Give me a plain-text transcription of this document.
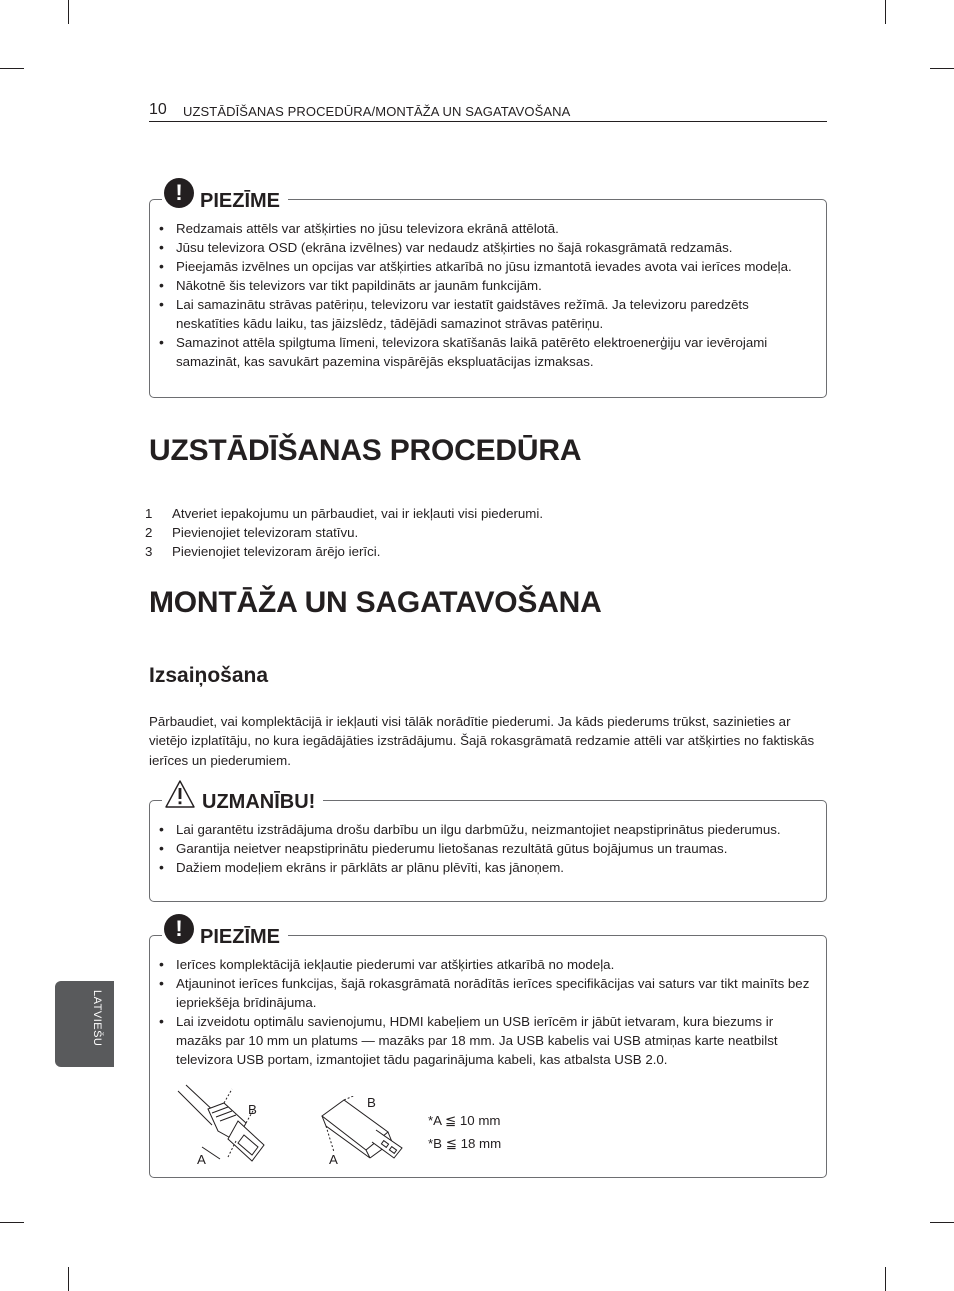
10 UZSTĀDĪŠANAS PROCEDŪRA/MONTĀŽA UN SAGATAVOŠANA
! PIEZĪME
• Redzamais attēls var atšķirties no jūsu televizora ekrānā attēlotā.
• Jūsu televizora OSD (ekrāna izvēlnes) var nedaudz atšķirties no šajā rokasgrāmatā redzamās.
• Pieejamās izvēlnes un opcijas var atšķirties atkarībā no jūsu izmantotā ievades avota vai ierīces modeļa.
• Nākotnē šis televizors var tikt papildināts ar jaunām funkcijām.
• Lai samazinātu strāvas patēriņu, televizoru var iestatīt gaidstāves režīmā. Ja televizoru paredzēts neskatīties kādu laiku, tas jāizslēdz, tādējādi samazinot strāvas patēriņu.
• Samazinot attēla spilgtuma līmeni, televizora skatīšanās laikā patērēto elektroenerģiju var ievērojami samazināt, kas savukārt pazemina vispārējās ekspluatācijas izmaksas.
UZSTĀDĪŠANAS PROCEDŪRA
1 Atveriet iepakojumu un pārbaudiet, vai ir iekļauti visi piederumi.
2 Pievienojiet televizoram statīvu.
3 Pievienojiet televizoram ārējo ierīci.
MONTĀŽA UN SAGATAVOŠANA
Izsaiņošana

Pārbaudiet, vai komplektācijā ir iekļauti visi tālāk norādītie piederumi. Ja kāds piederums trūkst, sazinieties ar vietējo izplatītāju, no kura iegādājāties izstrādājumu. Šajā rokasgrāmatā redzamie attēli var atšķirties no faktiskās ierīces un piederumiem.

UZMANĪBU!
• Lai garantētu izstrādājuma drošu darbību un ilgu darbmūžu, neizmantojiet neapstiprinātus piederumus.
• Garantija neietver neapstiprinātu piederumu lietošanas rezultātā gūtus bojājumus un traumas.
• Dažiem modeļiem ekrāns ir pārklāts ar plānu plēvīti, kas jānoņem.
! PIEZĪME
• Ierīces komplektācijā iekļautie piederumi var atšķirties atkarībā no modeļa.
• Atjauninot ierīces funkcijas, šajā rokasgrāmatā norādītās ierīces specifikācijas vai saturs var tikt mainīts bez iepriekšēja brīdinājuma.
• Lai izveidotu optimālu savienojumu, HDMI kabeļiem un USB ierīcēm ir jābūt ietvaram, kura biezums ir mazāks par 10 mm un platums — mazāks par 18 mm. Ja USB kabelis vai USB atmiņas karte neatbilst televizora USB portam, izmantojiet tādu pagarinājuma kabeli, kas atbalsta USB 2.0.
B
A
B
A
*A ≦ 10 mm
*B ≦ 18 mm
LATVIEŠU
